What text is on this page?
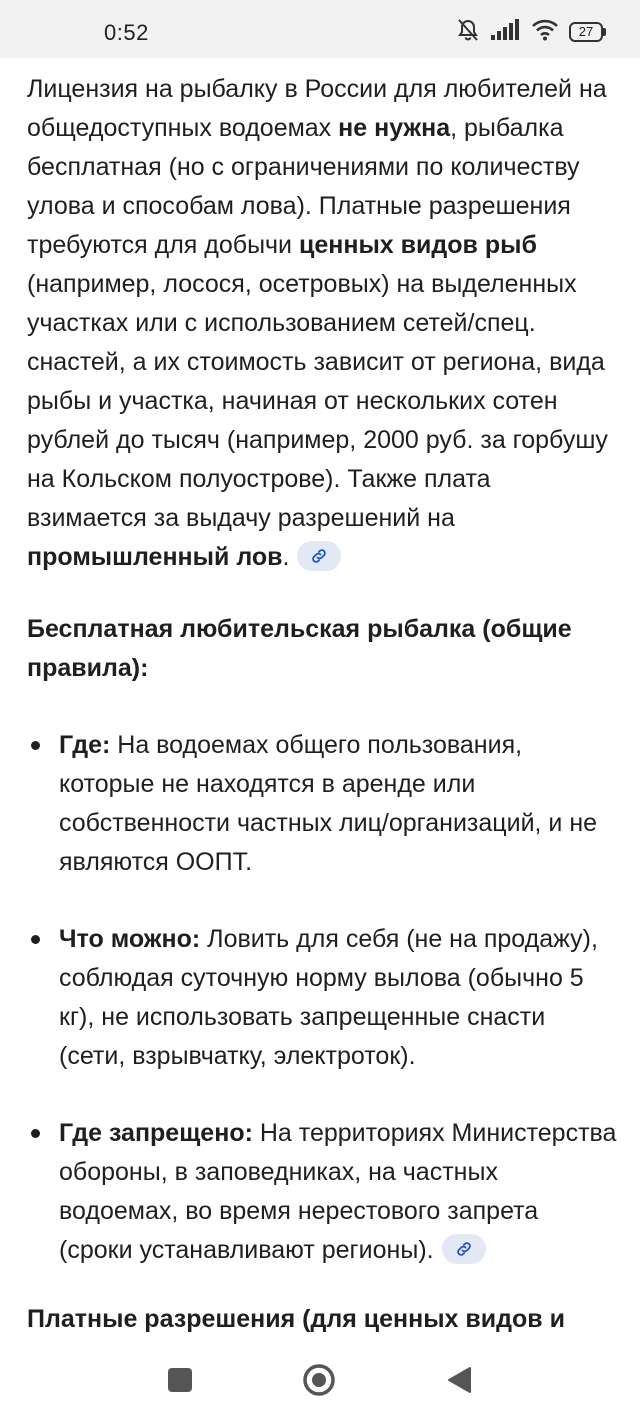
0:52	27

Лицензия на рыбалку в России для любителей на общедоступных водоемах не нужна, рыбалка бесплатная (но с ограничениями по количеству улова и способам лова). Платные разрешения требуются для добычи ценных видов рыб (например, лосося, осетровых) на выделенных участках или с использованием сетей/спец. снастей, а их стоимость зависит от региона, вида рыбы и участка, начиная от нескольких сотен рублей до тысяч (например, 2000 руб. за горбушу на Кольском полуострове). Также плата взимается за выдачу разрешений на промышленный лов.

Бесплатная любительская рыбалка (общие правила):

Где: На водоемах общего пользования, которые не находятся в аренде или собственности частных лиц/организаций, и не являются ООПТ.
Что можно: Ловить для себя (не на продажу), соблюдая суточную норму вылова (обычно 5 кг), не использовать запрещенные снасти (сети, взрывчатку, электроток).
Где запрещено: На территориях Министерства обороны, в заповедниках, на частных водоемах, во время нерестового запрета (сроки устанавливают регионы).

Платные разрешения (для ценных видов и
